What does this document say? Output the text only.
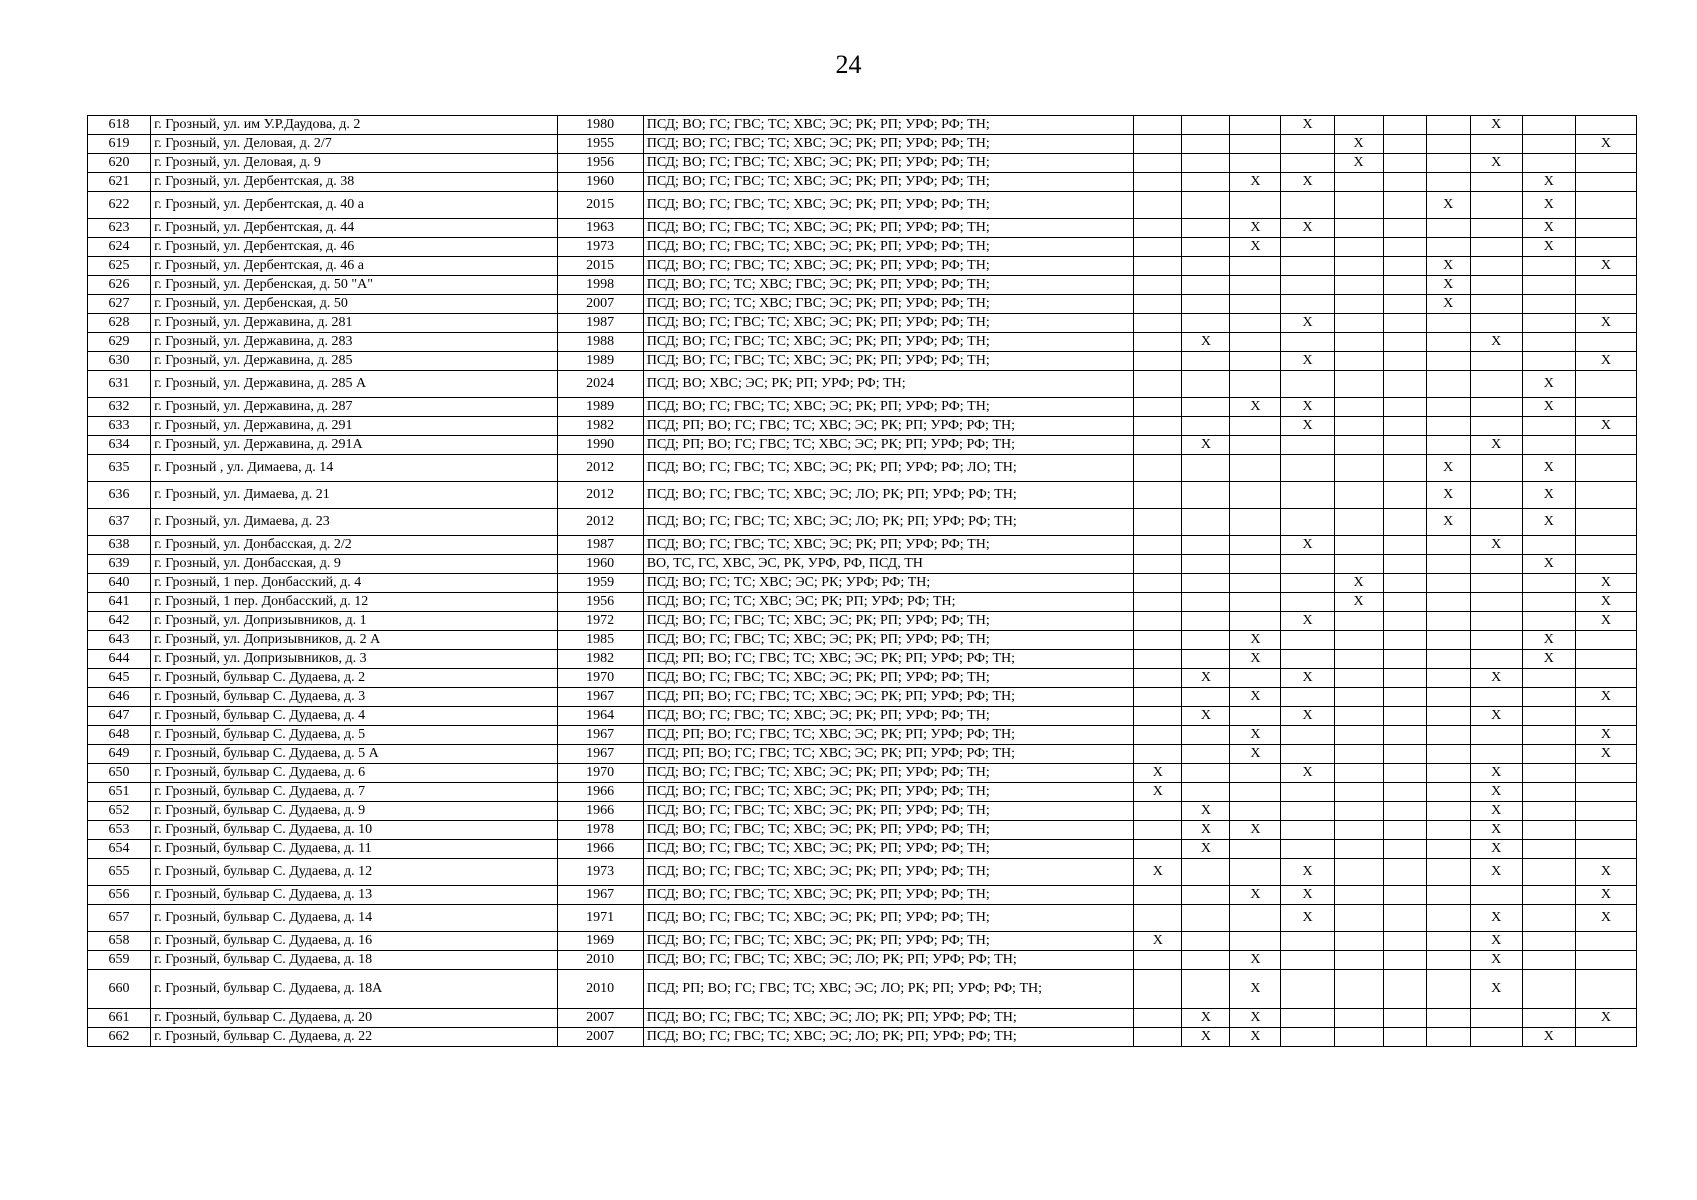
24
618	г. Грозный, ул. им У.Р.Даудова, д. 2	1980	ПСД; ВО; ГС; ГВС; ТС; ХВС; ЭС; РК; РП; УРФ; РФ; ТН;				X				X		
619	г. Грозный, ул. Деловая, д. 2/7	1955	ПСД; ВО; ГС; ГВС; ТС; ХВС; ЭС; РК; РП; УРФ; РФ; ТН;					X					X
620	г. Грозный, ул. Деловая, д. 9	1956	ПСД; ВО; ГС; ГВС; ТС; ХВС; ЭС; РК; РП; УРФ; РФ; ТН;					X			X		
621	г. Грозный, ул. Дербентская, д. 38	1960	ПСД; ВО; ГС; ГВС; ТС; ХВС; ЭС; РК; РП; УРФ; РФ; ТН;			X	X					X	
622	г. Грозный, ул. Дербентская, д. 40 а	2015	ПСД; ВО; ГС; ГВС; ТС; ХВС; ЭС; РК; РП; УРФ; РФ; ТН;							X		X	
623	г. Грозный, ул. Дербентская, д. 44	1963	ПСД; ВО; ГС; ГВС; ТС; ХВС; ЭС; РК; РП; УРФ; РФ; ТН;			X	X					X	
624	г. Грозный, ул. Дербентская, д. 46	1973	ПСД; ВО; ГС; ГВС; ТС; ХВС; ЭС; РК; РП; УРФ; РФ; ТН;			X						X	
625	г. Грозный, ул. Дербентская, д. 46 а	2015	ПСД; ВО; ГС; ГВС; ТС; ХВС; ЭС; РК; РП; УРФ; РФ; ТН;							X			X
626	г. Грозный, ул. Дербенская, д. 50 "А"	1998	ПСД; ВО; ГС; ТС; ХВС; ГВС; ЭС; РК; РП; УРФ; РФ; ТН;							X			
627	г. Грозный, ул. Дербенская, д. 50	2007	ПСД; ВО; ГС; ТС; ХВС; ГВС; ЭС; РК; РП; УРФ; РФ; ТН;							X			
628	г. Грозный, ул. Державина, д. 281	1987	ПСД; ВО; ГС; ГВС; ТС; ХВС; ЭС; РК; РП; УРФ; РФ; ТН;				X						X
629	г. Грозный, ул. Державина, д. 283	1988	ПСД; ВО; ГС; ГВС; ТС; ХВС; ЭС; РК; РП; УРФ; РФ; ТН;		X						X		
630	г. Грозный, ул. Державина, д. 285	1989	ПСД; ВО; ГС; ГВС; ТС; ХВС; ЭС; РК; РП; УРФ; РФ; ТН;				X						X
631	г. Грозный, ул. Державина, д. 285 А	2024	ПСД; ВО; ХВС; ЭС; РК; РП; УРФ; РФ; ТН;									X	
632	г. Грозный, ул. Державина, д. 287	1989	ПСД; ВО; ГС; ГВС; ТС; ХВС; ЭС; РК; РП; УРФ; РФ; ТН;			X	X					X	
633	г. Грозный, ул. Державина, д. 291	1982	ПСД; РП; ВО; ГС; ГВС; ТС; ХВС; ЭС; РК; РП; УРФ; РФ; ТН;				X						X
634	г. Грозный, ул. Державина, д. 291А	1990	ПСД; РП; ВО; ГС; ГВС; ТС; ХВС; ЭС; РК; РП; УРФ; РФ; ТН;		X						X		
635	г. Грозный , ул. Димаева, д. 14	2012	ПСД; ВО; ГС; ГВС; ТС; ХВС; ЭС; РК; РП; УРФ; РФ; ЛО; ТН;							X		X	
636	г. Грозный, ул. Димаева, д. 21	2012	ПСД; ВО; ГС; ГВС; ТС; ХВС; ЭС; ЛО; РК; РП; УРФ; РФ; ТН;							X		X	
637	г. Грозный, ул. Димаева, д. 23	2012	ПСД; ВО; ГС; ГВС; ТС; ХВС; ЭС; ЛО; РК; РП; УРФ; РФ; ТН;							X		X	
638	г. Грозный, ул. Донбасская, д. 2/2	1987	ПСД; ВО; ГС; ГВС; ТС; ХВС; ЭС; РК; РП; УРФ; РФ; ТН;				X				X		
639	г. Грозный, ул. Донбасская, д. 9	1960	ВО, ТС, ГС, ХВС, ЭС, РК, УРФ, РФ, ПСД, ТН									X	
640	г. Грозный, 1 пер. Донбасский, д. 4	1959	ПСД; ВО; ГС; ТС; ХВС; ЭС; РК; УРФ; РФ; ТН;					X					X
641	г. Грозный, 1 пер. Донбасский, д. 12	1956	ПСД; ВО; ГС; ТС; ХВС; ЭС; РК; РП; УРФ; РФ; ТН;					X					X
642	г. Грозный, ул. Допризывников, д. 1	1972	ПСД; ВО; ГС; ГВС; ТС; ХВС; ЭС; РК; РП; УРФ; РФ; ТН;				X						X
643	г. Грозный, ул. Допризывников, д. 2 А	1985	ПСД; ВО; ГС; ГВС; ТС; ХВС; ЭС; РК; РП; УРФ; РФ; ТН;			X						X	
644	г. Грозный, ул. Допризывников, д. 3	1982	ПСД; РП; ВО; ГС; ГВС; ТС; ХВС; ЭС; РК; РП; УРФ; РФ; ТН;			X						X	
645	г. Грозный, бульвар С. Дудаева, д. 2	1970	ПСД; ВО; ГС; ГВС; ТС; ХВС; ЭС; РК; РП; УРФ; РФ; ТН;		X		X				X		
646	г. Грозный, бульвар С. Дудаева, д. 3	1967	ПСД; РП; ВО; ГС; ГВС; ТС; ХВС; ЭС; РК; РП; УРФ; РФ; ТН;			X							X
647	г. Грозный, бульвар С. Дудаева, д. 4	1964	ПСД; ВО; ГС; ГВС; ТС; ХВС; ЭС; РК; РП; УРФ; РФ; ТН;		X		X				X		
648	г. Грозный, бульвар С. Дудаева, д. 5	1967	ПСД; РП; ВО; ГС; ГВС; ТС; ХВС; ЭС; РК; РП; УРФ; РФ; ТН;			X							X
649	г. Грозный, бульвар С. Дудаева, д. 5 А	1967	ПСД; РП; ВО; ГС; ГВС; ТС; ХВС; ЭС; РК; РП; УРФ; РФ; ТН;			X							X
650	г. Грозный, бульвар С. Дудаева, д. 6	1970	ПСД; ВО; ГС; ГВС; ТС; ХВС; ЭС; РК; РП; УРФ; РФ; ТН;	X			X				X		
651	г. Грозный, бульвар С. Дудаева, д. 7	1966	ПСД; ВО; ГС; ГВС; ТС; ХВС; ЭС; РК; РП; УРФ; РФ; ТН;	X							X		
652	г. Грозный, бульвар С. Дудаева, д. 9	1966	ПСД; ВО; ГС; ГВС; ТС; ХВС; ЭС; РК; РП; УРФ; РФ; ТН;		X						X		
653	г. Грозный, бульвар С. Дудаева, д. 10	1978	ПСД; ВО; ГС; ГВС; ТС; ХВС; ЭС; РК; РП; УРФ; РФ; ТН;		X	X					X		
654	г. Грозный, бульвар С. Дудаева, д. 11	1966	ПСД; ВО; ГС; ГВС; ТС; ХВС; ЭС; РК; РП; УРФ; РФ; ТН;		X						X		
655	г. Грозный, бульвар С. Дудаева, д. 12	1973	ПСД; ВО; ГС; ГВС; ТС; ХВС; ЭС; РК; РП; УРФ; РФ; ТН;	X			X				X		X
656	г. Грозный, бульвар С. Дудаева, д. 13	1967	ПСД; ВО; ГС; ГВС; ТС; ХВС; ЭС; РК; РП; УРФ; РФ; ТН;			X	X						X
657	г. Грозный, бульвар С. Дудаева, д. 14	1971	ПСД; ВО; ГС; ГВС; ТС; ХВС; ЭС; РК; РП; УРФ; РФ; ТН;				X				X		X
658	г. Грозный, бульвар С. Дудаева, д. 16	1969	ПСД; ВО; ГС; ГВС; ТС; ХВС; ЭС; РК; РП; УРФ; РФ; ТН;	X							X		
659	г. Грозный, бульвар С. Дудаева, д. 18	2010	ПСД; ВО; ГС; ГВС; ТС; ХВС; ЭС; ЛО; РК; РП; УРФ; РФ; ТН;			X					X		
660	г. Грозный, бульвар С. Дудаева, д. 18А	2010	ПСД; РП; ВО; ГС; ГВС; ТС; ХВС; ЭС; ЛО; РК; РП; УРФ; РФ; ТН;			X					X		
661	г. Грозный, бульвар С. Дудаева, д. 20	2007	ПСД; ВО; ГС; ГВС; ТС; ХВС; ЭС; ЛО; РК; РП; УРФ; РФ; ТН;		X	X							X
662	г. Грозный, бульвар С. Дудаева, д. 22	2007	ПСД; ВО; ГС; ГВС; ТС; ХВС; ЭС; ЛО; РК; РП; УРФ; РФ; ТН;		X	X						X	
